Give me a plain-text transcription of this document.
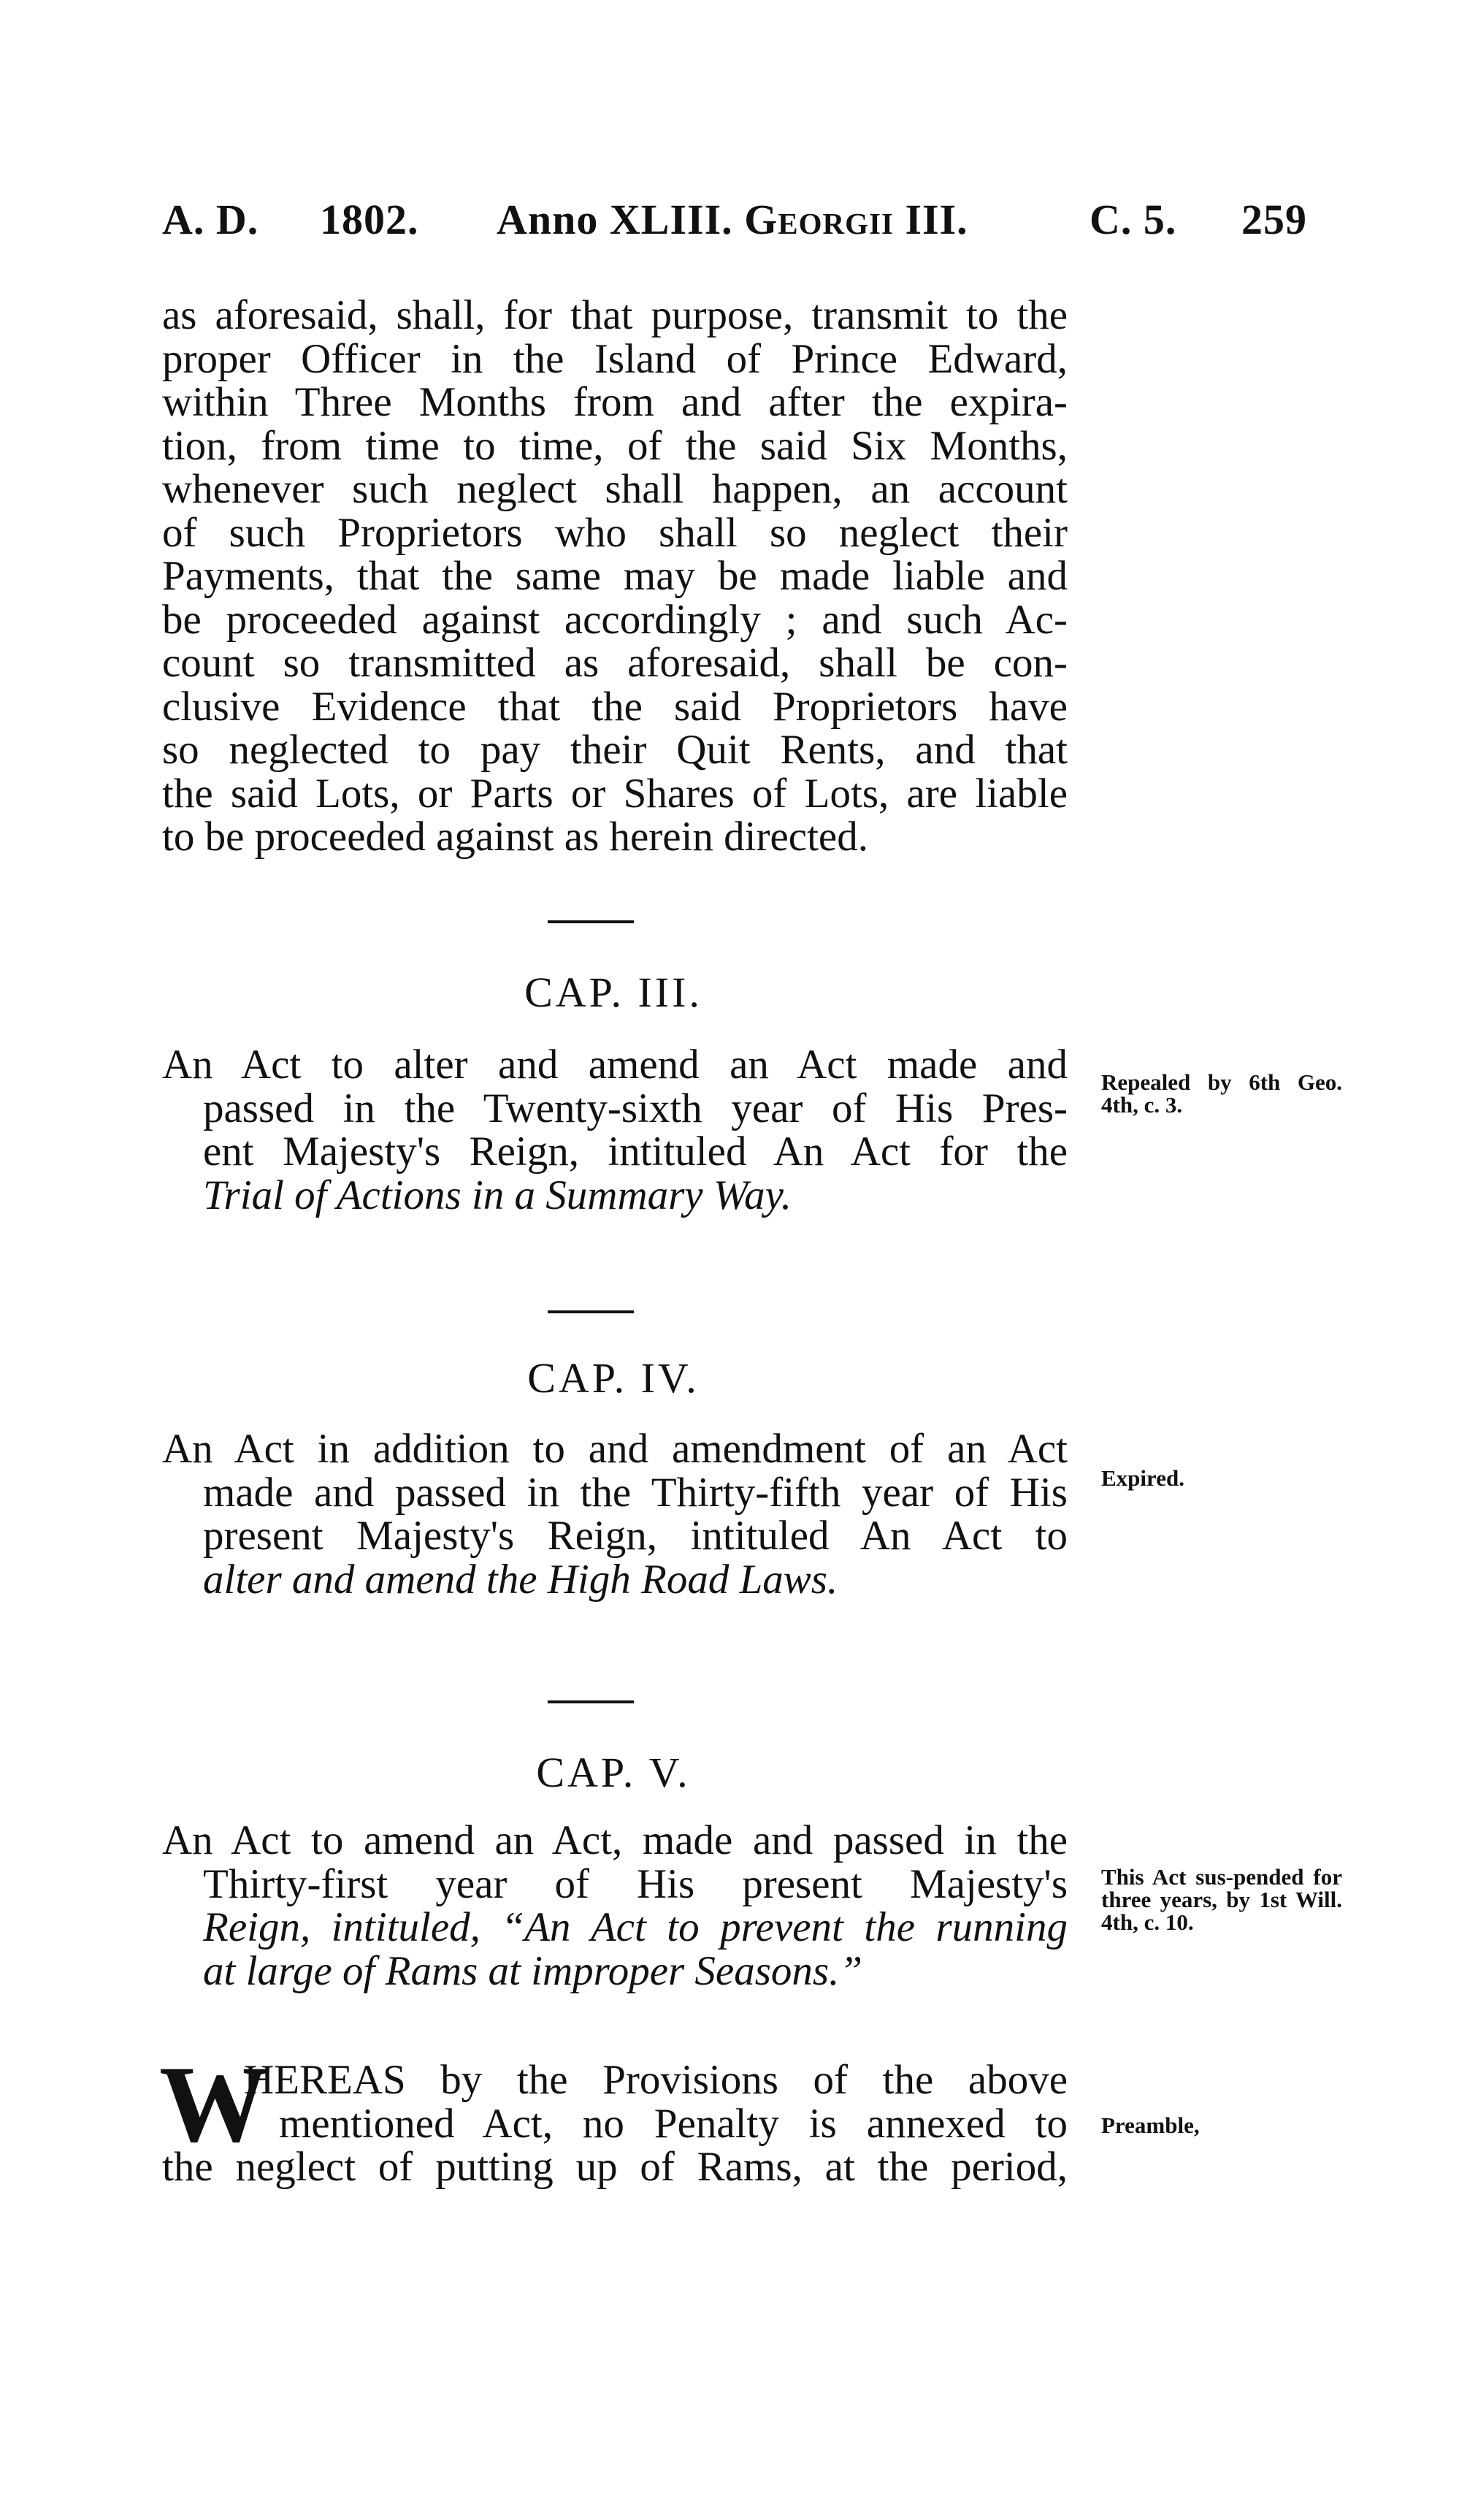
A. D. 1802. Anno XLIII. Georgii III.	C. 5. 259
as aforesaid, shall, for that purpose, transmit to the
proper Officer in the Island of Prince Edward,
within Three Months from and after the expira-
tion, from time to time, of the said Six Months,
whenever such neglect shall happen, an account
of such Proprietors who shall so neglect their
Payments, that the same may be made liable and
be proceeded against accordingly ; and such Ac-
count so transmitted as aforesaid, shall be con-
clusive Evidence that the said Proprietors have
so neglected to pay their Quit Rents, and that
the said Lots, or Parts or Shares of Lots, are liable
to be proceeded against as herein directed.
CAP. III.
An Act to alter and amend an Act made and
passed in the Twenty-sixth year of His Pres-
ent Majesty's Reign, intituled An Act for the
Trial of Actions in a Summary Way.
Repealed by 6th Geo. 4th, c. 3.
CAP. IV.
An Act in addition to and amendment of an Act
made and passed in the Thirty-fifth year of His
present Majesty's Reign, intituled An Act to
alter and amend the High Road Laws.
Expired.
CAP. V.
An Act to amend an Act, made and passed in the
Thirty-first year of His present Majesty's
Reign, intituled, “An Act to prevent the running
at large of Rams at improper Seasons.”
This Act sus-pended for three years, by 1st Will. 4th, c. 10.
W
HEREAS by the Provisions of the above
mentioned Act, no Penalty is annexed to
the neglect of putting up of Rams, at the period,
Preamble,
